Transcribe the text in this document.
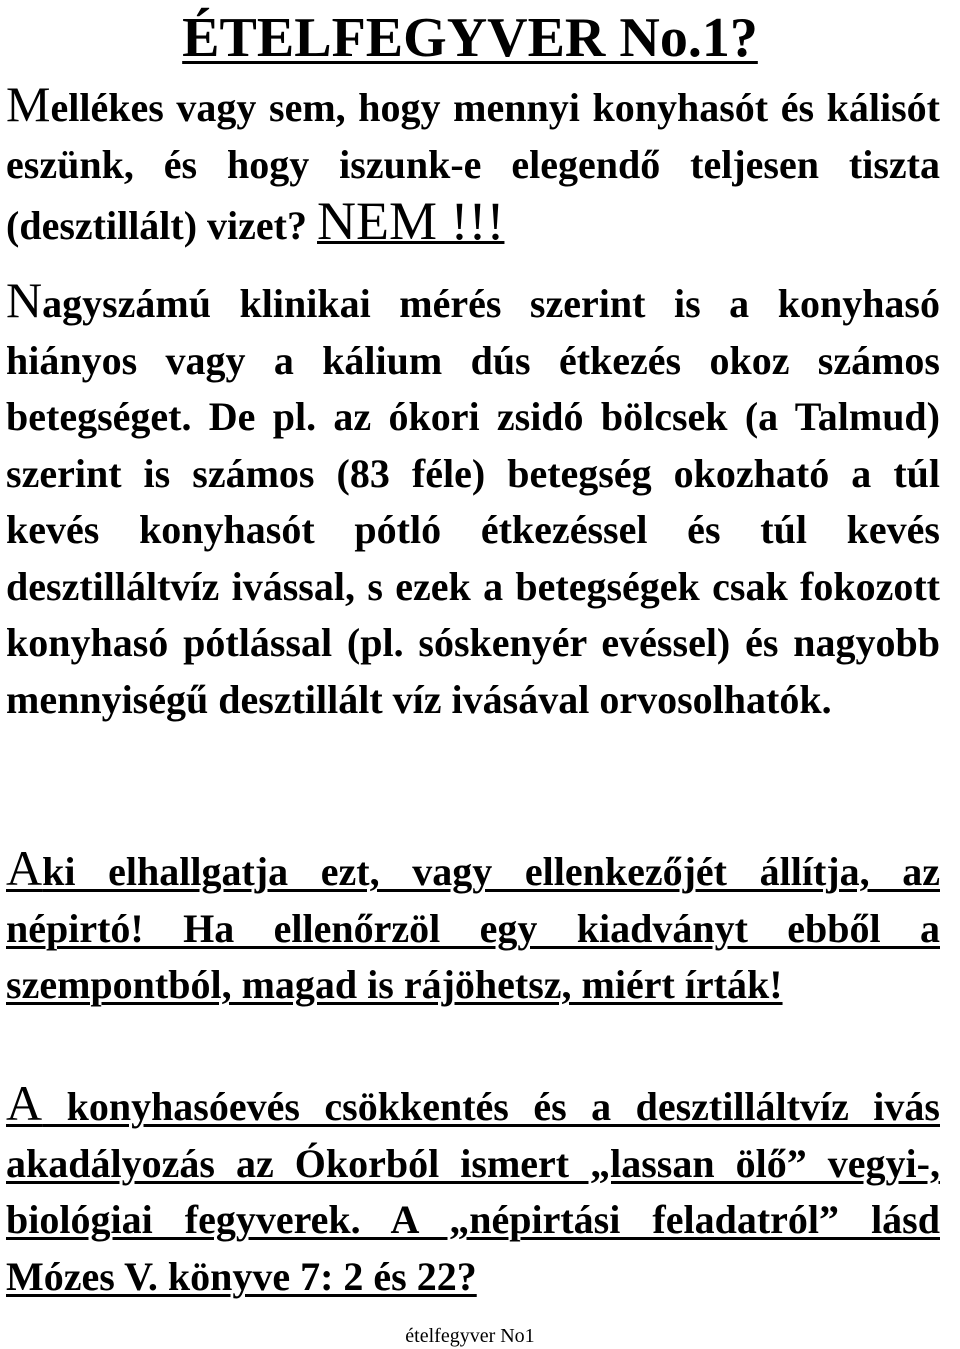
ÉTELFEGYVER No.1?

Mellékes vagy sem, hogy mennyi konyhasót és kálisót eszünk, és hogy iszunk-e elegendő teljesen tiszta (desztillált) vizet? NEM !!!

Nagyszámú klinikai mérés szerint is a konyhasó hiányos vagy a kálium dús étkezés okoz számos betegséget. De pl. az ókori zsidó bölcsek (a Talmud) szerint is számos (83 féle) betegség okozható a túl kevés konyhasót pótló étkezéssel és túl kevés desztilláltvíz ivással, s ezek a betegségek csak fokozott konyhasó pótlással (pl. sóskenyér evéssel) és nagyobb mennyiségű desztillált víz ivásával orvosolhatók.

Aki elhallgatja ezt, vagy ellenkezőjét állítja, az népirtó! Ha ellenőrzöl egy kiadványt ebből a szempontból, magad is rájöhetsz, miért írták!

A konyhasóevés csökkentés és a desztilláltvíz ivás akadályozás az Ókorból ismert „lassan ölő” vegyi-, biológiai fegyverek. A „népirtási feladatról” lásd Mózes V. könyve 7: 2 és 22?

ételfegyver No1
